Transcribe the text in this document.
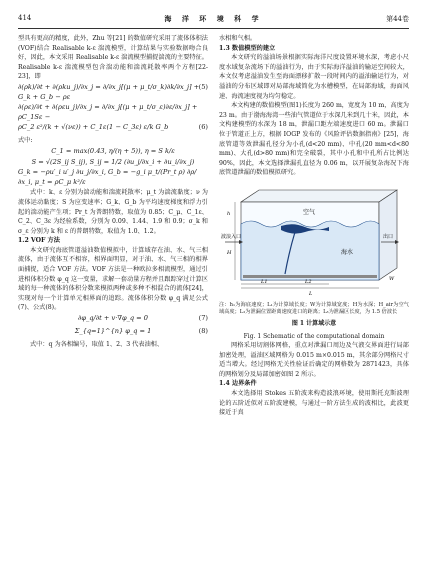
414	海 洋 环 境 科 学	第44卷

型具有更高的精度，此外，Zhu 等[21] 的数值研究采用了流体体积法(VOF)结合 Realisable k-ε 湍流模型，计算结果与实验数据吻合良好，因此，本文采用 Realisable k-ε 湍流模型捕捉湍流的主要特征。Realisable k-ε 湍流模型包含湍动能和湍流耗散率两个方程[22-23]，即

∂(ρk)/∂t + ∂(ρku_j)/∂x_j = ∂/∂x_j[(μ + μ_t/σ_k)∂k/∂x_j] + G_k + G_b − ρε
(5)
∂(ρε)/∂t + ∂(ρεu_j)/∂x_j = ∂/∂x_j[(μ + μ_t/σ_ε)∂ε/∂x_j] + ρC_1Sε −
ρC_2 ε²/(k + √(νε)) + C_1ε(1 − C_3ε) ε/k G_b	(6)

式中:

C_1 = max(0.43, η/(η + 5)), η = S k/ε
S = √(2S_ij S_ij), S_ij = 1/2 (∂u_j/∂x_i + ∂u_i/∂x_j)
G_k = −ρu′_i u′_j ∂u_j/∂x_i, G_b = −g_i μ_t/(Pr_t ρ) ∂ρ/∂x_i, μ_t = ρC_μ k²/ε

式中：k、ε 分别为湍动能和湍流耗散率；μ_t 为湍流黏度；ν 为流体运动黏度；S 为应变速率；G_k、G_b 为平均速度梯度和浮力引起的湍动能产生项；Pr_t 为普朗特数，取值为 0.85；C_μ、C_1ε、C_2、C_3ε 为经验系数，分别为 0.09、1.44、1.9 和 0.9；σ_k 和 σ_ε 分别为 k 和 ε 的普朗特数，取值为 1.0、1.2。

1.2 VOF 方法

本文研究海底管道溢油数值模拟中，计算域存在油、水、气三相流体，由于流体互不相容，相界面明显，对于油、水、气三相的相界面捕捉，适合 VOF 方法。VOF 方法是一种欧拉多相流模型，通过引进相体积分数 φ_q 这一变量，求解一套动量方程并且跟踪穿过计算区域的每一种流体的体积分数来模拟两种或多种不相混合的流体[24]，实现对每一个计算单元相界面的追踪。流体体积分数 φ_q 满足公式(7)、公式(8)。

∂φ_q/∂t + v·∇φ_q = 0	(7)
Σ_{q=1}^{n} φ_q = 1	(8)

式中：q 为各相编号，取值 1、2、3 代表油相、

水相和气相。

1.3 数值模型的建立

本文研究的溢油场景根据实际海洋尺度设置环境水深，考虑小尺度水域复杂流场下的溢油行为，由于实际海洋溢油的输运空间较大，本文仅考虑溢油发生至海面漂移扩散一段时间内的溢油输运行为，对溢油的分布区域即对局部海域简化为水槽模型，在局部海域，海面风速、海流速度视为均匀稳定。

本文构建的数值模型(图1)长度为 260 m，宽度为 10 m，高度为 23 m。由于渤海海湾一些油气管道位于水深几米到几十米，因此，本文构建模型的水深为 18 m，泄漏口距左端速度进口 60 m。泄漏口位于管道正上方，根据 IOGP 发布的《风险评估数据指南》[25]，海底管道等效泄漏孔径分为小孔(d<20 mm)、中孔(20 mm<d<80 mm)、大孔(d>80 mm)和完全破裂，其中小孔和中孔所占比例达 90%，因此，本文选择泄漏孔直径为 0.06 m，以开展复杂海况下海底管道泄漏的数值模拟研究。

空气
海水
波浪入口	出口
L1	L2
L
W
H
h
注：h₁为海底速度；L₁为计算域长度；W为计算域宽度；H为水深；H_air为空气域高度；L₂为泄漏位置距离速度进口的距离；L₃为泄漏区长度，为 1.5 倍波长
图 1 计算域示意
Fig. 1 Schematic of the computational domain

网格采用切割体网格，重点对泄漏口周边及气液交界面进行局部加密处理，溢油区域网格为 0.015 m×0.015 m，其余部分网格尺寸适当增大。经过网格无关性验证后确定的网格数为 2871423，具体的网格划分及局部加密如图 2 所示。

1.4 边界条件

本文选择用 Stokes 五阶波来构造波浪环境，使用斯托克斯波理论的五阶近似对五阶波建模，与通过一阶方法生成的波相比，此波更接近于真
